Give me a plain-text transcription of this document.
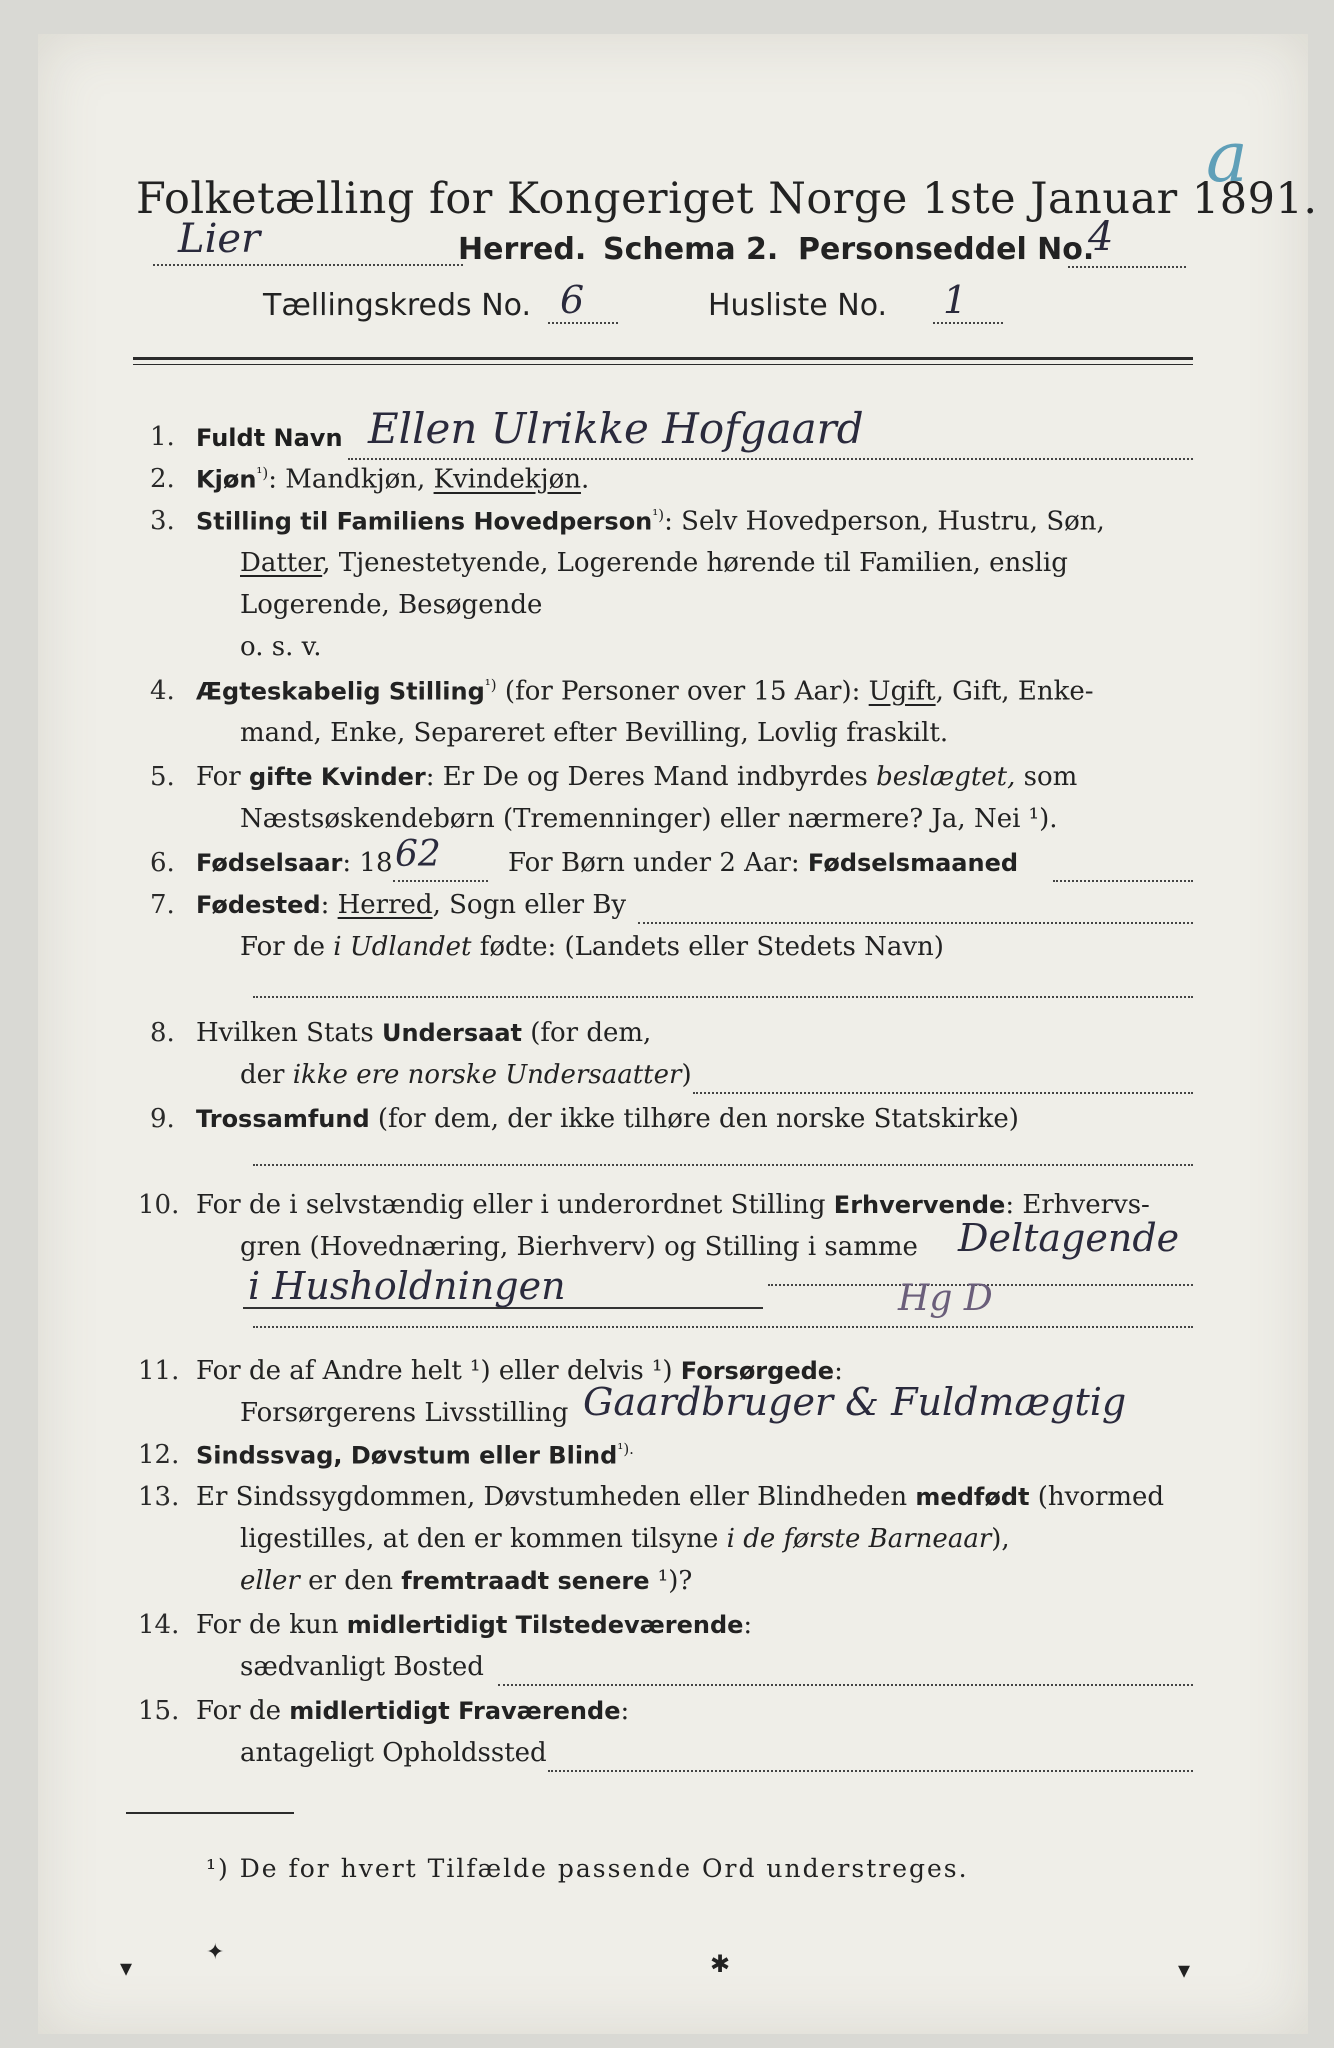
a
Folketælling for Kongeriget Norge 1ste Januar 1891.
Lier	Herred. Schema 2. Personseddel No.
4
Tællingskreds No. 6	Husliste No. 1
1. Fuldt Navn Ellen Ulrikke Hofgaard
2. Kjøn$^{^1)}$: Mandkjøn, Kvindekjøn.
3. Stilling til Familiens Hovedperson$^{^1)}$: Selv Hovedperson, Hustru, Søn,
Datter, Tjenestetyende, Logerende hørende til Familien, enslig
Logerende, Besøgende
o. s. v.
4. Ægteskabelig Stilling$^{^1)}$ (for Personer over 15 Aar): Ugift, Gift, Enke-
mand, Enke, Separeret efter Bevilling, Lovlig fraskilt.
5. For gifte Kvinder: Er De og Deres Mand indbyrdes beslægtet, som
Næstsøskendebørn (Tremenninger) eller nærmere? Ja, Nei ¹).
6. Fødselsaar: 18 62	For Børn under 2 Aar: Fødselsmaaned
7. Fødested: Herred, Sogn eller By
For de i Udlandet fødte: (Landets eller Stedets Navn)
8. Hvilken Stats Undersaat (for dem,
der ikke ere norske Undersaatter)
9. Trossamfund (for dem, der ikke tilhøre den norske Statskirke)
10. For de i selvstændig eller i underordnet Stilling Erhvervende: Erhvervs-
gren (Hovednæring, Bierhverv) og Stilling i samme Deltagende
i Husholdningen	Hg D
11. For de af Andre helt ¹) eller delvis ¹) Forsørgede:
Forsørgerens Livsstilling Gaardbruger & Fuldmægtig
12. Sindssvag, Døvstum eller Blind$^{^1).}$
13. Er Sindssygdommen, Døvstumheden eller Blindheden medfødt (hvormed
ligestilles, at den er kommen tilsyne i de første Barneaar),
eller er den fremtraadt senere ¹)?
14. For de kun midlertidigt Tilstedeværende:
sædvanligt Bosted
15. For de midlertidigt Fraværende:
antageligt Opholdssted
¹) De for hvert Tilfælde passende Ord understreges.
▾
✦	✱	▾
